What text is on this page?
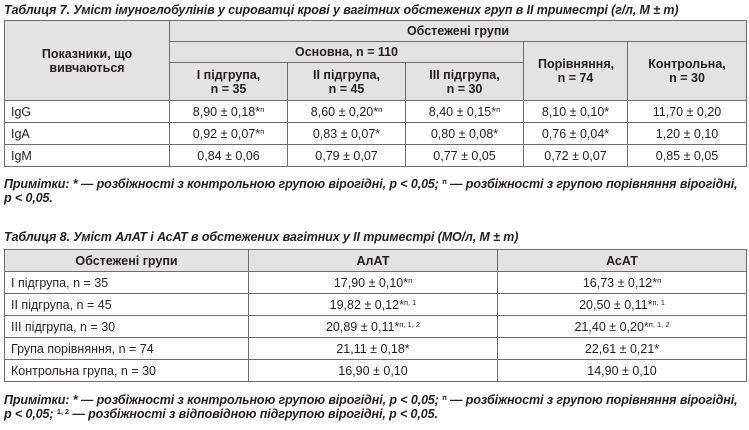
Таблиця 7. Уміст імуноглобулінів у сироватці крові у вагітних обстежених груп в ІІ триместрі (г/л, М ± m)
Показники, що вивчаються	Обстежені групи				
	Основна, n = 110			Порівняння, n = 74	Контрольна, n = 30
	І підгрупа, n = 35	ІІ підгрупа, n = 45	ІІІ підгрупа, n = 30		
IgG	8,90 ± 0,18*$^п$	8,60 ± 0,20*$^п$	8,40 ± 0,15*$^п$	8,10 ± 0,10*	11,70 ± 0,20
IgA	0,92 ± 0,07*$^п$	0,83 ± 0,07*	0,80 ± 0,08*	0,76 ± 0,04*	1,20 ± 0,10
IgM	0,84 ± 0,06	0,79 ± 0,07	0,77 ± 0,05	0,72 ± 0,07	0,85 ± 0,05
Примітки: * — розбіжності з контрольною групою вірогідні, р < 0,05; $^п$ — розбіжності з групою порівняння вірогідні, р < 0,05.
Таблиця 8. Уміст АлАТ і АсАТ в обстежених вагітних у ІІ триместрі (МО/л, М ± m)
Обстежені групи	АлАТ	АсАТ
І підгрупа, n = 35	17,90 ± 0,10*$^п$	16,73 ± 0,12*$^п$
ІІ підгрупа, n = 45	19,82 ± 0,12*$^{п, 1}$	20,50 ± 0,11*$^{п, 1}$
ІІІ підгрупа, n = 30	20,89 ± 0,11*$^{п, 1, 2}$	21,40 ± 0,20*$^{п, 1, 2}$
Група порівняння, n = 74	21,11 ± 0,18*	22,61 ± 0,21*
Контрольна група, n = 30	16,90 ± 0,10	14,90 ± 0,10
Примітки: * — розбіжності з контрольною групою вірогідні, р < 0,05; $^п$ — розбіжності з групою порівняння вірогідні, р < 0,05; $^{1, 2}$ — розбіжності з відповідною підгрупою вірогідні, р < 0,05.
